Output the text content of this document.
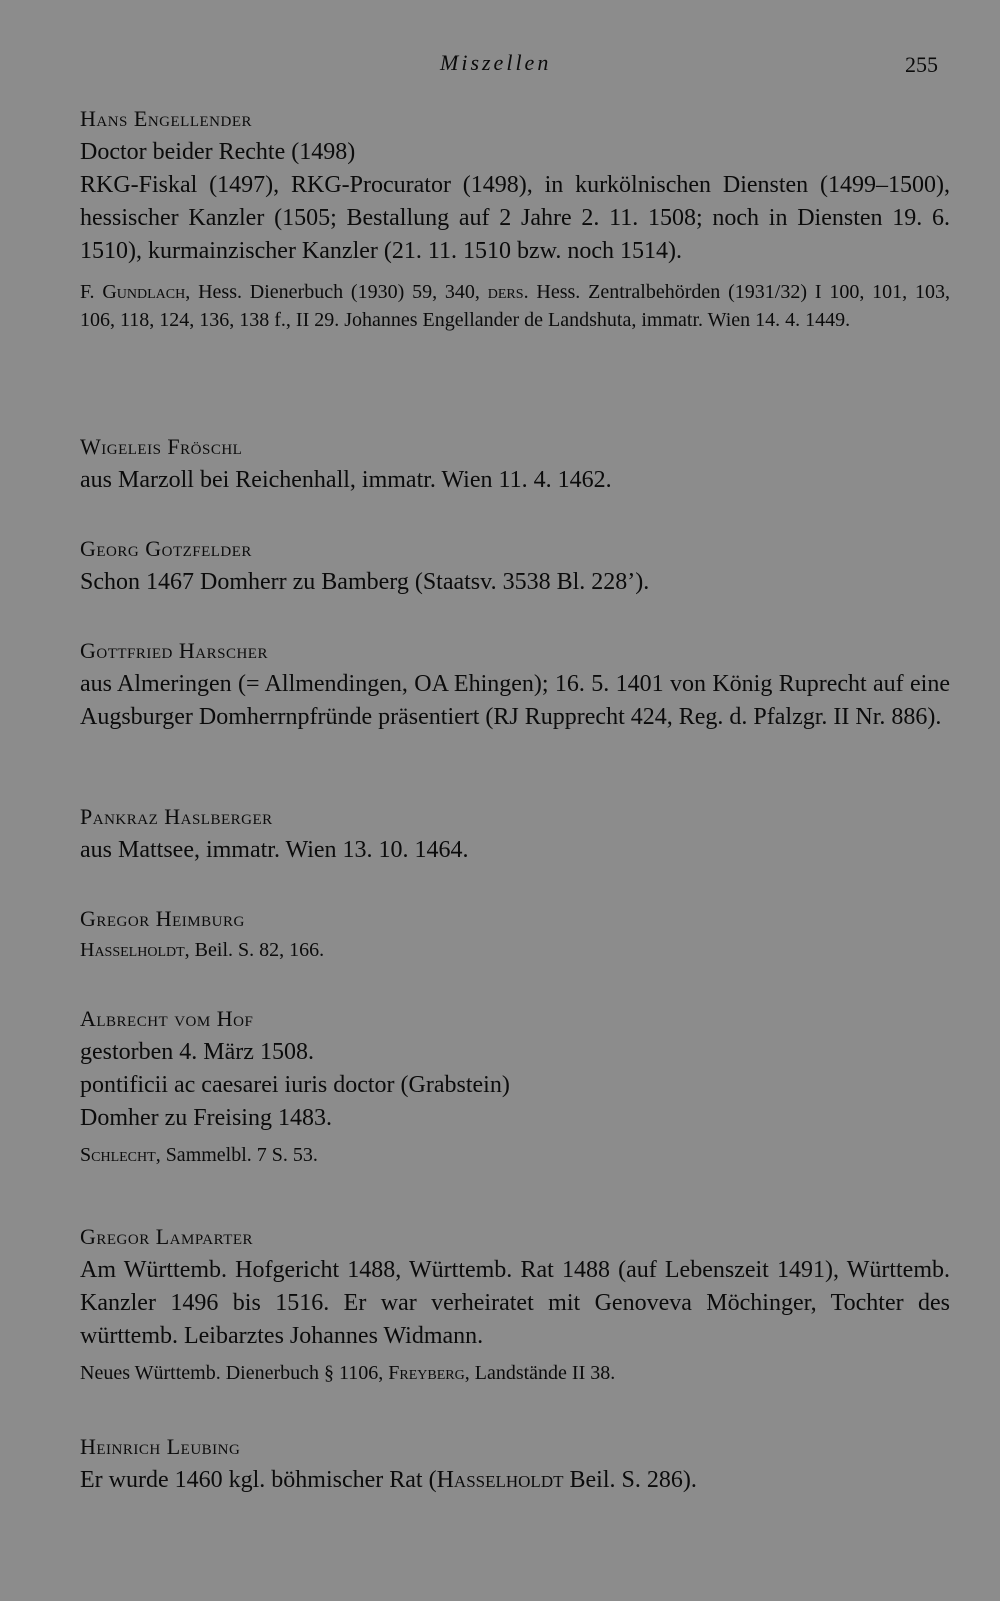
Miszellen	255
Hans Engellender
Doctor beider Rechte (1498)
RKG-Fiskal (1497), RKG-Procurator (1498), in kurkölnischen Diensten (1499–1500), hessischer Kanzler (1505; Bestallung auf 2 Jahre 2. 11. 1508; noch in Diensten 19. 6. 1510), kurmainzischer Kanzler (21. 11. 1510 bzw. noch 1514).
F. Gundlach, Hess. Dienerbuch (1930) 59, 340, ders. Hess. Zentralbehörden (1931/32) I 100, 101, 103, 106, 118, 124, 136, 138 f., II 29. Johannes Engellander de Landshuta, immatr. Wien 14. 4. 1449.
Wigeleis Fröschl
aus Marzoll bei Reichenhall, immatr. Wien 11. 4. 1462.
Georg Gotzfelder
Schon 1467 Domherr zu Bamberg (Staatsv. 3538 Bl. 228’).
Gottfried Harscher
aus Almeringen (= Allmendingen, OA Ehingen); 16. 5. 1401 von König Ruprecht auf eine Augsburger Domherrnpfründe präsentiert (RJ Rupprecht 424, Reg. d. Pfalzgr. II Nr. 886).
Pankraz Haslberger
aus Mattsee, immatr. Wien 13. 10. 1464.
Gregor Heimburg
Hasselholdt, Beil. S. 82, 166.
Albrecht vom Hof
gestorben 4. März 1508.
pontificii ac caesarei iuris doctor (Grabstein)
Domher zu Freising 1483.
Schlecht, Sammelbl. 7 S. 53.
Gregor Lamparter
Am Württemb. Hofgericht 1488, Württemb. Rat 1488 (auf Lebenszeit 1491), Württemb. Kanzler 1496 bis 1516. Er war verheiratet mit Genoveva Möchinger, Tochter des württemb. Leibarztes Johannes Widmann.
Neues Württemb. Dienerbuch § 1106, Freyberg, Landstände II 38.
Heinrich Leubing
Er wurde 1460 kgl. böhmischer Rat (Hasselholdt Beil. S. 286).
